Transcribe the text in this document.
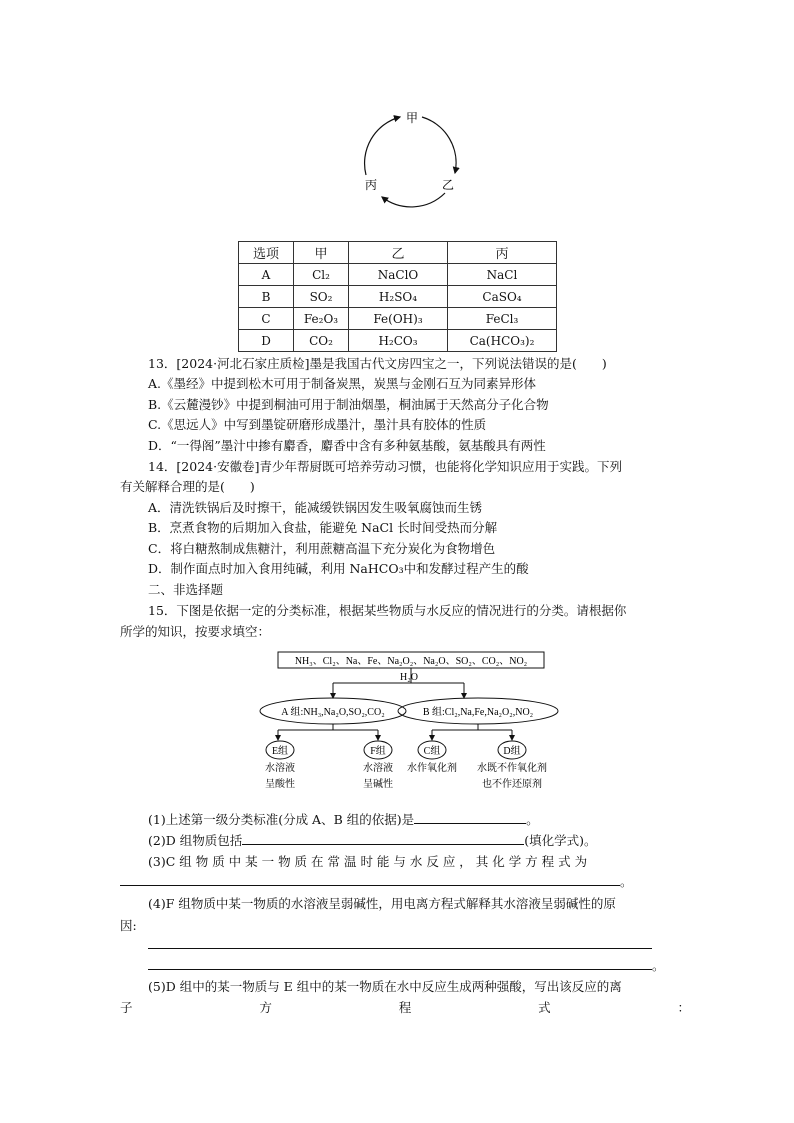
甲
乙
丙
选项	甲	乙	丙
A	Cl₂	NaClO	NaCl
B	SO₂	H₂SO₄	CaSO₄
C	Fe₂O₃	Fe(OH)₃	FeCl₃
D	CO₂	H₂CO₃	Ca(HCO₃)₂
13．[2024·河北石家庄质检]墨是我国古代文房四宝之一，下列说法错误的是(　　)
A.《墨经》中提到松木可用于制备炭黑，炭黑与金刚石互为同素异形体
B.《云麓漫钞》中提到桐油可用于制油烟墨，桐油属于天然高分子化合物
C.《思远人》中写到墨锭研磨形成墨汁，墨汁具有胶体的性质
D．“一得阁”墨汁中掺有麝香，麝香中含有多种氨基酸，氨基酸具有两性
14．[2024·安徽卷]青少年帮厨既可培养劳动习惯，也能将化学知识应用于实践。下列
有关解释合理的是(　　)
A．清洗铁锅后及时擦干，能减缓铁锅因发生吸氧腐蚀而生锈
B．烹煮食物的后期加入食盐，能避免 NaCl 长时间受热而分解
C．将白糖熬制成焦糖汁，利用蔗糖高温下充分炭化为食物增色
D．制作面点时加入食用纯碱，利用 NaHCO₃中和发酵过程产生的酸
二、非选择题
15．下图是依据一定的分类标准，根据某些物质与水反应的情况进行的分类。请根据你
所学的知识，按要求填空：
NH₃、Cl₂、Na、Fe、Na₂O₂、Na₂O、SO₂、CO₂、NO₂
H₂O
A 组:NH₃,Na₂O,SO₂,CO₂	B 组:Cl₂,Na,Fe,Na₂O₂,NO₂
E组	F组	C组	D组
水溶液
呈酸性
水溶液
呈碱性
水作氧化剂 水既不作氧化剂
也不作还原剂
(1)上述第一级分类标准(分成 A、B 组的依据)是	。
(2)D 组物质包括	(填化学式)。
(3)C 组 物 质 中 某 一 物 质 在 常 温 时 能 与 水 反 应 ， 其 化 学 方 程 式 为
。
(4)F 组物质中某一物质的水溶液呈弱碱性，用电离方程式解释其水溶液呈弱碱性的原
因:
。
(5)D 组中的某一物质与 E 组中的某一物质在水中反应生成两种强酸，写出该反应的离
子	方	程	式	：
